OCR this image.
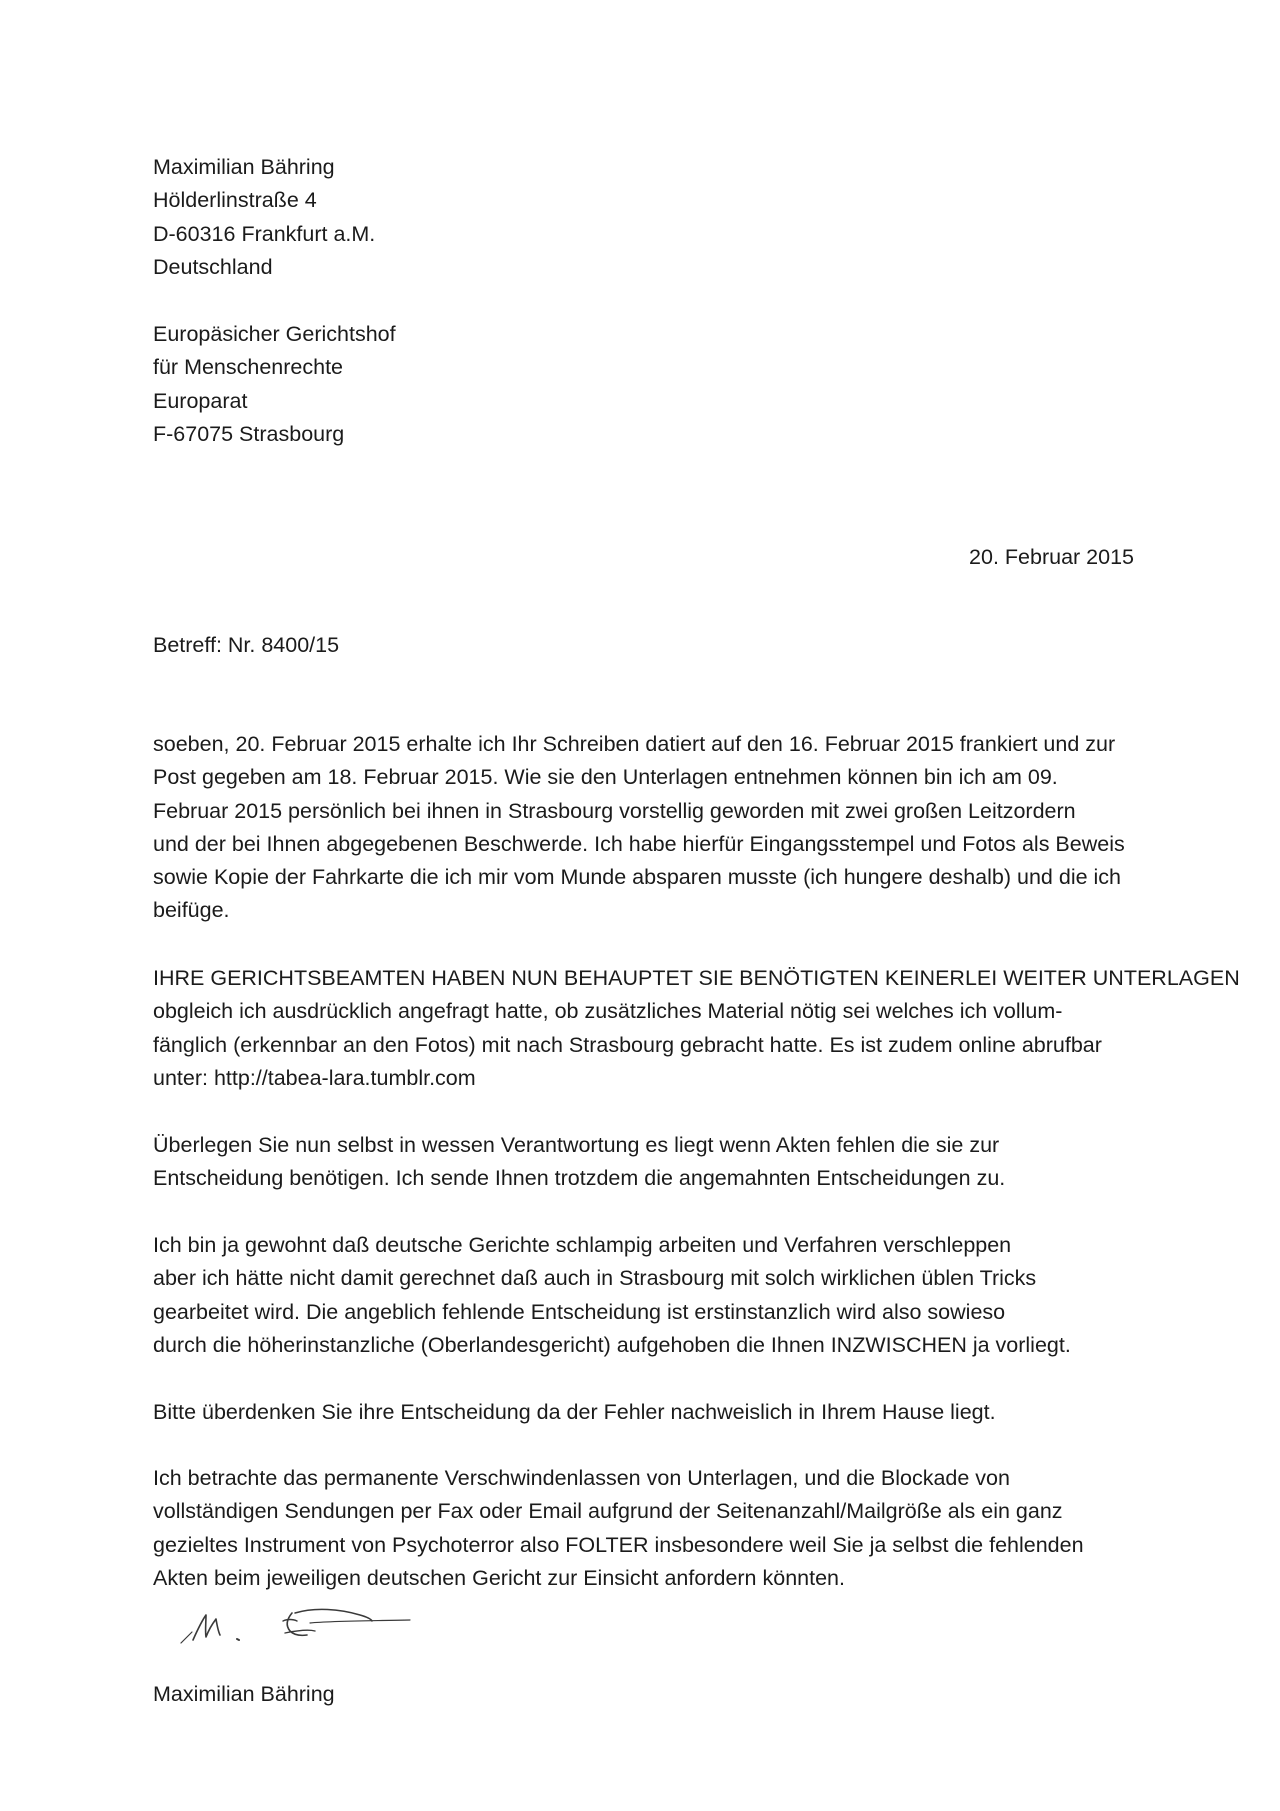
Maximilian Bähring
Hölderlinstraße 4
D-60316 Frankfurt a.M.
Deutschland
Europäsicher Gerichtshof
für Menschenrechte
Europarat
F-67075 Strasbourg
20. Februar 2015
Betreff: Nr. 8400/15
soeben, 20. Februar 2015 erhalte ich Ihr Schreiben datiert auf den 16. Februar 2015 frankiert und zur
Post gegeben am 18. Februar 2015. Wie sie den Unterlagen entnehmen können bin ich am 09.
Februar 2015 persönlich bei ihnen in Strasbourg vorstellig geworden mit zwei großen Leitzordern
und der bei Ihnen abgegebenen Beschwerde. Ich habe hierfür Eingangsstempel und Fotos als Beweis
sowie Kopie der Fahrkarte die ich mir vom Munde absparen musste (ich hungere deshalb) und die ich
beifüge.
IHRE GERICHTSBEAMTEN HABEN NUN BEHAUPTET SIE BENÖTIGTEN KEINERLEI WEITER UNTERLAGEN
obgleich ich ausdrücklich angefragt hatte, ob zusätzliches Material nötig sei welches ich vollum-
fänglich (erkennbar an den Fotos) mit nach Strasbourg gebracht hatte. Es ist zudem online abrufbar
unter: http://tabea-lara.tumblr.com
Überlegen Sie nun selbst in wessen Verantwortung es liegt wenn Akten fehlen die sie zur
Entscheidung benötigen. Ich sende Ihnen trotzdem die angemahnten Entscheidungen zu.
Ich bin ja gewohnt daß deutsche Gerichte schlampig arbeiten und Verfahren verschleppen
aber ich hätte nicht damit gerechnet daß auch in Strasbourg mit solch wirklichen üblen Tricks
gearbeitet wird. Die angeblich fehlende Entscheidung ist erstinstanzlich wird also sowieso
durch die höherinstanzliche (Oberlandesgericht) aufgehoben die Ihnen INZWISCHEN ja vorliegt.
Bitte überdenken Sie ihre Entscheidung da der Fehler nachweislich in Ihrem Hause liegt.
Ich betrachte das permanente Verschwindenlassen von Unterlagen, und die Blockade von
vollständigen Sendungen per Fax oder Email aufgrund der Seitenanzahl/Mailgröße als ein ganz
gezieltes Instrument von Psychoterror also FOLTER insbesondere weil Sie ja selbst die fehlenden
Akten beim jeweiligen deutschen Gericht zur Einsicht anfordern könnten.
Maximilian Bähring
